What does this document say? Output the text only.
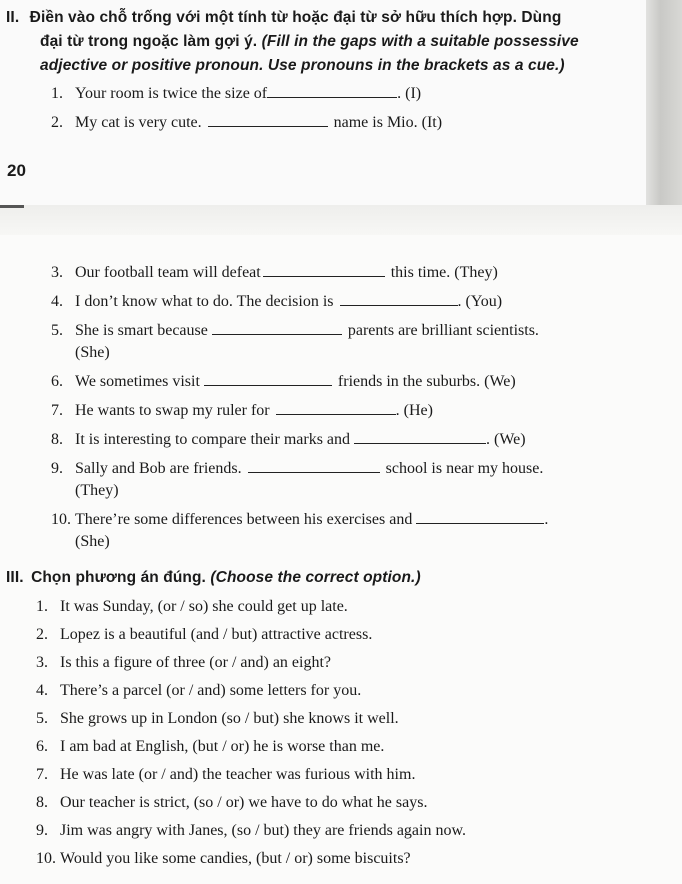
II. Điền vào chỗ trống với một tính từ hoặc đại từ sở hữu thích hợp. Dùng
đại từ trong ngoặc làm gợi ý. (Fill in the gaps with a suitable possessive
adjective or positive pronoun. Use pronouns in the brackets as a cue.)
1. Your room is twice the size of	. (I)
2. My cat is very cute.	name is Mio. (It)
20
3. Our football team will defeat	this time. (They)
4. I don’t know what to do. The decision is	. (You)
5. She is smart because	parents are brilliant scientists.
(She)
6. We sometimes visit	friends in the suburbs. (We)
7. He wants to swap my ruler for	. (He)
8. It is interesting to compare their marks and	. (We)
9. Sally and Bob are friends.	school is near my house.
(They)
10. There’re some differences between his exercises and	.
(She)
III. Chọn phương án đúng. (Choose the correct option.)
1. It was Sunday, (or / so) she could get up late.
2. Lopez is a beautiful (and / but) attractive actress.
3. Is this a figure of three (or / and) an eight?
4. There’s a parcel (or / and) some letters for you.
5. She grows up in London (so / but) she knows it well.
6. I am bad at English, (but / or) he is worse than me.
7. He was late (or / and) the teacher was furious with him.
8. Our teacher is strict, (so / or) we have to do what he says.
9. Jim was angry with Janes, (so / but) they are friends again now.
10. Would you like some candies, (but / or) some biscuits?
